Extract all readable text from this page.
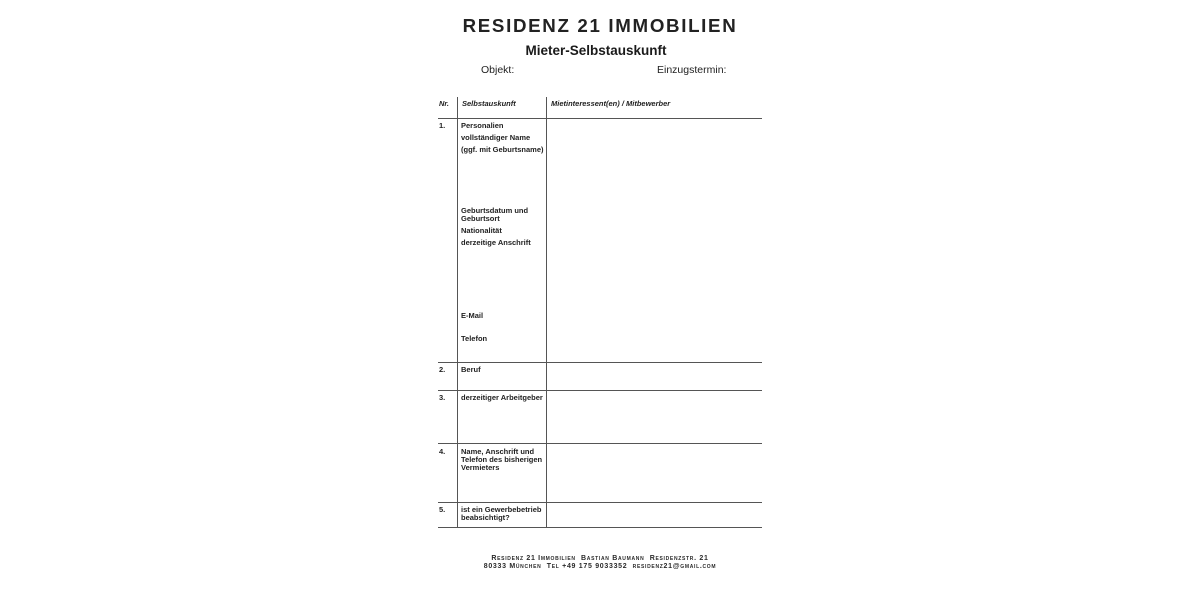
RESIDENZ 21 IMMOBILIEN
Mieter-Selbstauskunft
Objekt:	Einzugstermin:
Nr. Selbstauskunft	Mietinteressent(en) / Mitbewerber
1. Personalien
vollständiger Name
(ggf. mit Geburtsname)
Geburtsdatum und
Geburtsort
Nationalität
derzeitige Anschrift
E-Mail
Telefon
2. Beruf
3. derzeitiger Arbeitgeber
4. Name, Anschrift und
Telefon des bisherigen
Vermieters
5. ist ein Gewerbebetrieb
beabsichtigt?
Residenz 21 Immobilien  Bastian Baumann  Residenzstr. 21
80333 München  Tel +49 175 9033352  residenz21@gmail.com
